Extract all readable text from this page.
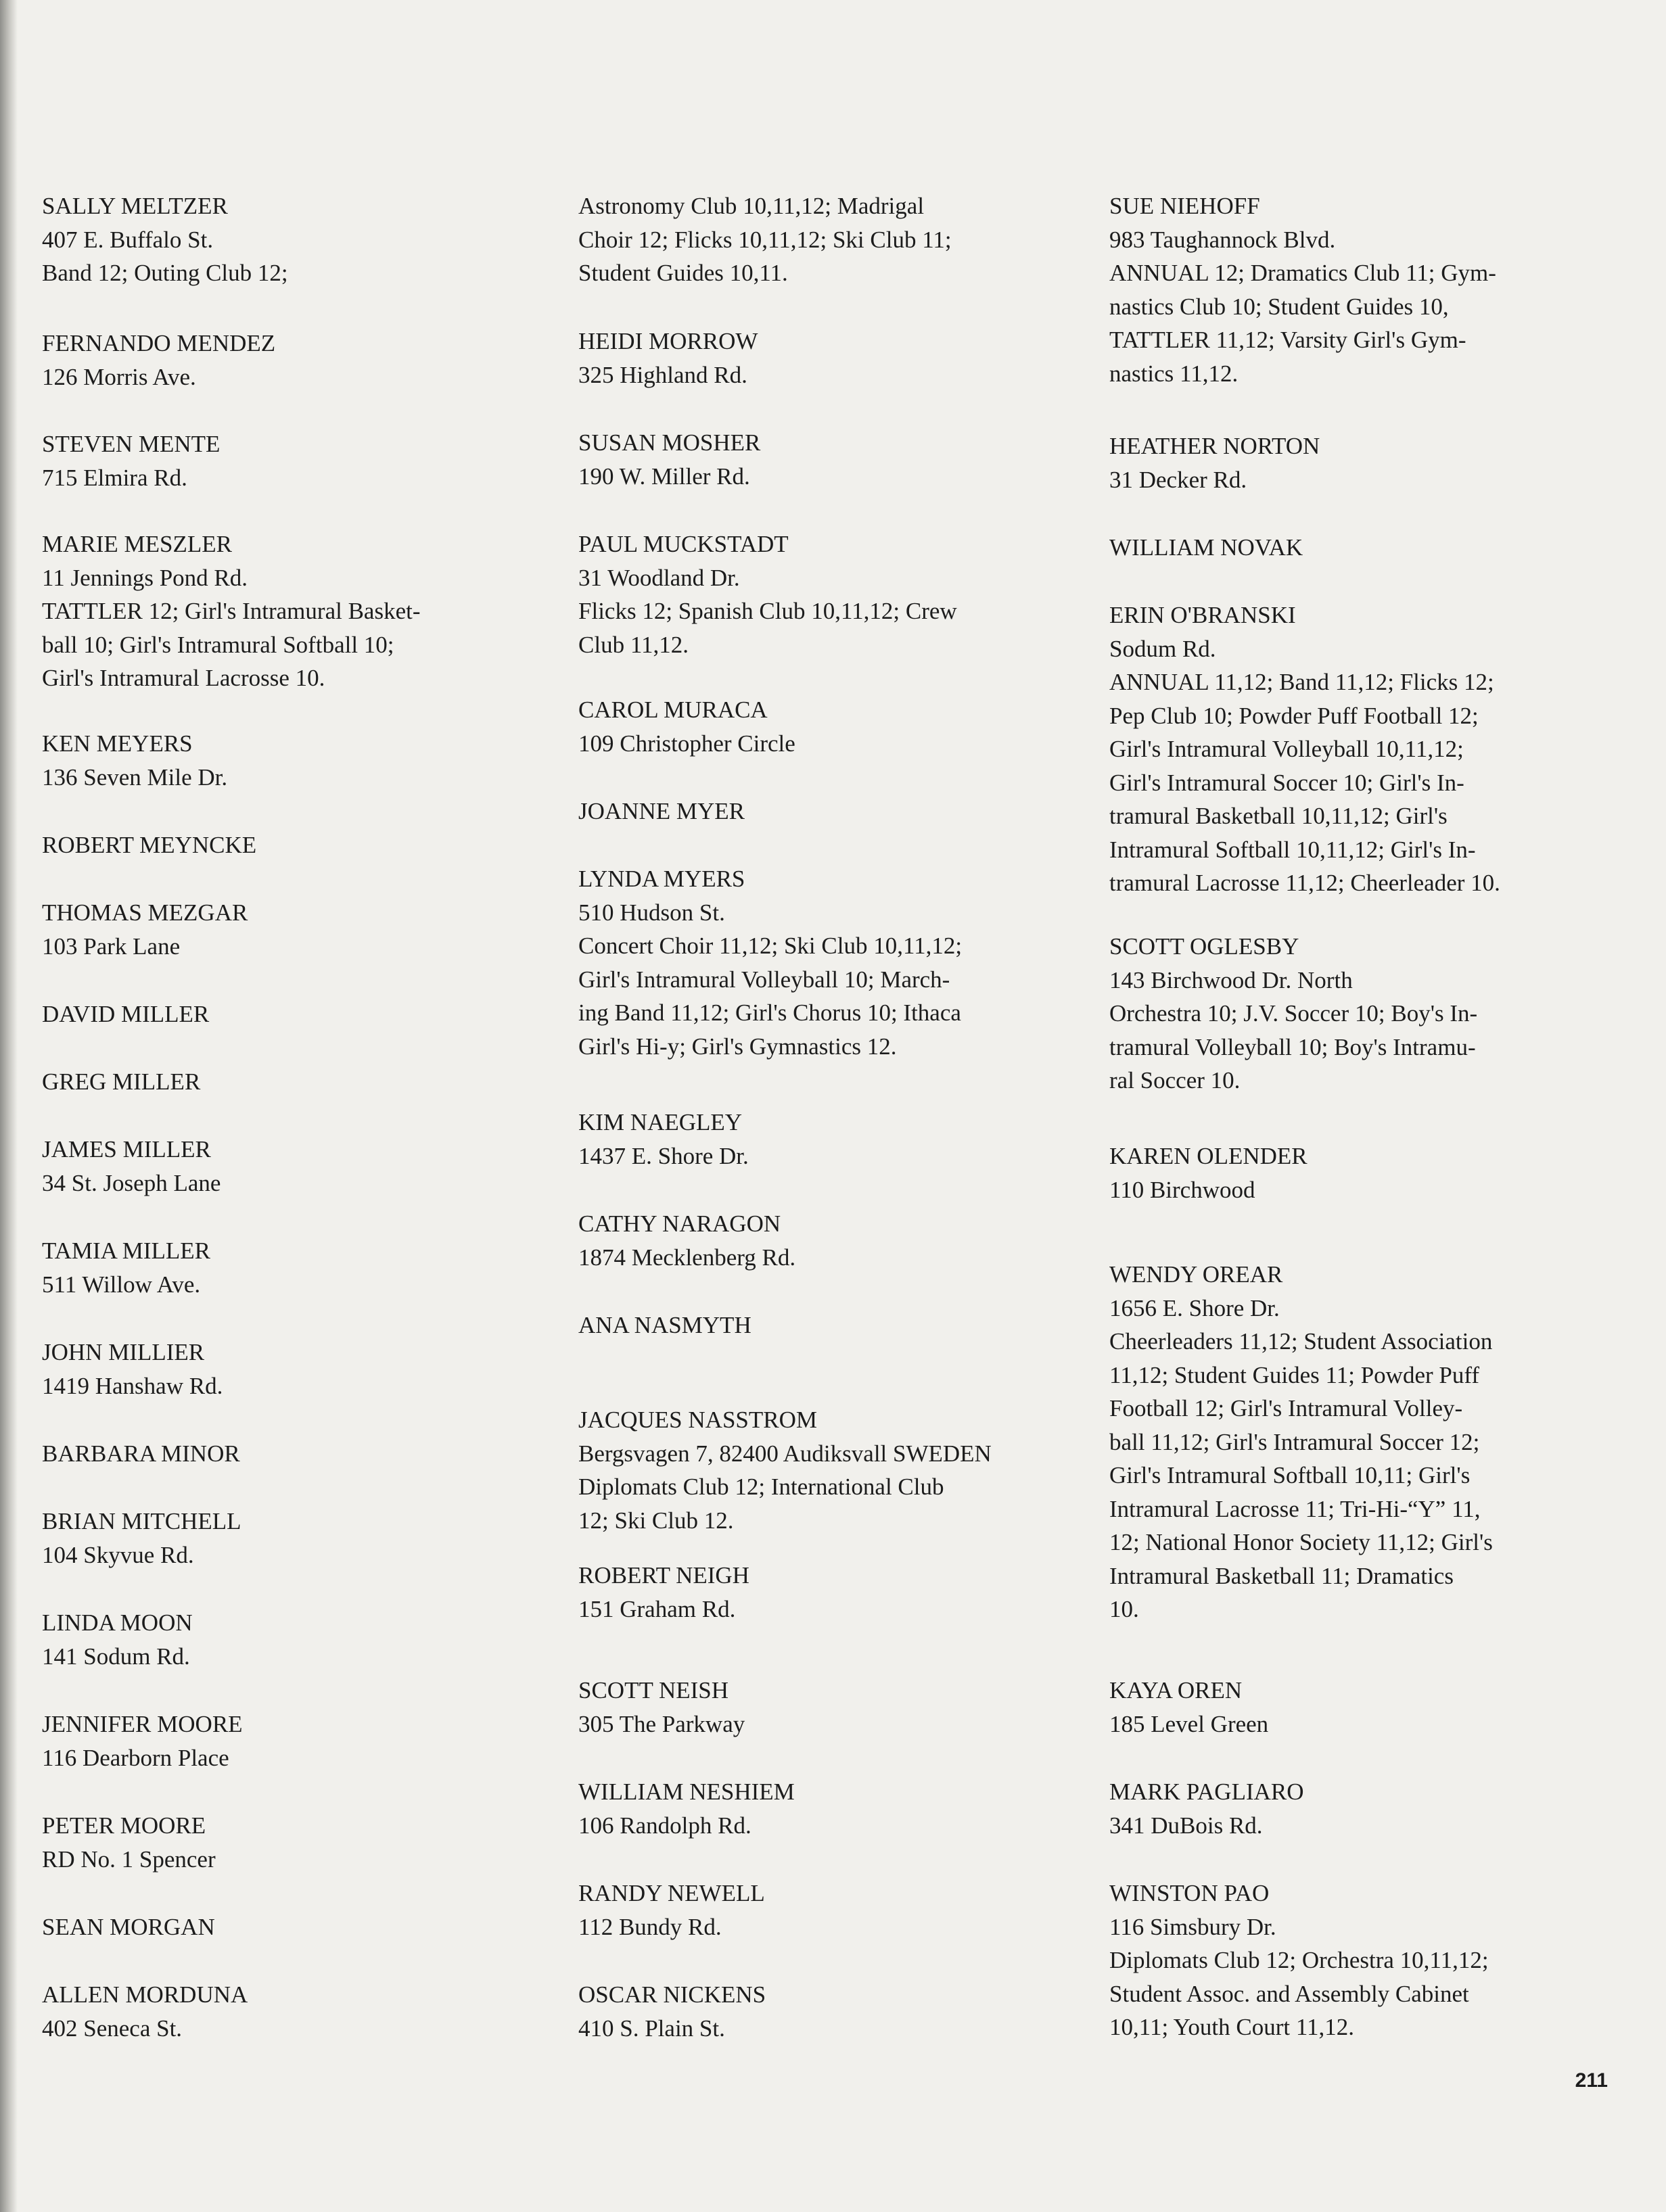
SALLY MELTZER
407 E. Buffalo St.
Band 12; Outing Club 12;
FERNANDO MENDEZ
126 Morris Ave.
STEVEN MENTE
715 Elmira Rd.
MARIE MESZLER
11 Jennings Pond Rd.
TATTLER 12; Girl's Intramural Basket-
ball 10; Girl's Intramural Softball 10;
Girl's Intramural Lacrosse 10.
KEN MEYERS
136 Seven Mile Dr.
ROBERT MEYNCKE
THOMAS MEZGAR
103 Park Lane
DAVID MILLER
GREG MILLER
JAMES MILLER
34 St. Joseph Lane
TAMIA MILLER
511 Willow Ave.
JOHN MILLIER
1419 Hanshaw Rd.
BARBARA MINOR
BRIAN MITCHELL
104 Skyvue Rd.
LINDA MOON
141 Sodum Rd.
JENNIFER MOORE
116 Dearborn Place
PETER MOORE
RD No. 1 Spencer
SEAN MORGAN
ALLEN MORDUNA
402 Seneca St.
Astronomy Club 10,11,12; Madrigal
Choir 12; Flicks 10,11,12; Ski Club 11;
Student Guides 10,11.
HEIDI MORROW
325 Highland Rd.
SUSAN MOSHER
190 W. Miller Rd.
PAUL MUCKSTADT
31 Woodland Dr.
Flicks 12; Spanish Club 10,11,12; Crew
Club 11,12.
CAROL MURACA
109 Christopher Circle
JOANNE MYER
LYNDA MYERS
510 Hudson St.
Concert Choir 11,12; Ski Club 10,11,12;
Girl's Intramural Volleyball 10; March-
ing Band 11,12; Girl's Chorus 10; Ithaca
Girl's Hi-y; Girl's Gymnastics 12.
KIM NAEGLEY
1437 E. Shore Dr.
CATHY NARAGON
1874 Mecklenberg Rd.
ANA NASMYTH
JACQUES NASSTROM
Bergsvagen 7, 82400 Audiksvall SWEDEN
Diplomats Club 12; International Club
12; Ski Club 12.
ROBERT NEIGH
151 Graham Rd.
SCOTT NEISH
305 The Parkway
WILLIAM NESHIEM
106 Randolph Rd.
RANDY NEWELL
112 Bundy Rd.
OSCAR NICKENS
410 S. Plain St.
SUE NIEHOFF
983 Taughannock Blvd.
ANNUAL 12; Dramatics Club 11; Gym-
nastics Club 10; Student Guides 10,
TATTLER 11,12; Varsity Girl's Gym-
nastics 11,12.
HEATHER NORTON
31 Decker Rd.
WILLIAM NOVAK
ERIN O'BRANSKI
Sodum Rd.
ANNUAL 11,12; Band 11,12; Flicks 12;
Pep Club 10; Powder Puff Football 12;
Girl's Intramural Volleyball 10,11,12;
Girl's Intramural Soccer 10; Girl's In-
tramural Basketball 10,11,12; Girl's
Intramural Softball 10,11,12; Girl's In-
tramural Lacrosse 11,12; Cheerleader 10.
SCOTT OGLESBY
143 Birchwood Dr. North
Orchestra 10; J.V. Soccer 10; Boy's In-
tramural Volleyball 10; Boy's Intramu-
ral Soccer 10.
KAREN OLENDER
110 Birchwood
WENDY OREAR
1656 E. Shore Dr.
Cheerleaders 11,12; Student Association
11,12; Student Guides 11; Powder Puff
Football 12; Girl's Intramural Volley-
ball 11,12; Girl's Intramural Soccer 12;
Girl's Intramural Softball 10,11; Girl's
Intramural Lacrosse 11; Tri-Hi-“Y” 11,
12; National Honor Society 11,12; Girl's
Intramural Basketball 11; Dramatics
10.
KAYA OREN
185 Level Green
MARK PAGLIARO
341 DuBois Rd.
WINSTON PAO
116 Simsbury Dr.
Diplomats Club 12; Orchestra 10,11,12;
Student Assoc. and Assembly Cabinet
10,11; Youth Court 11,12.
211
